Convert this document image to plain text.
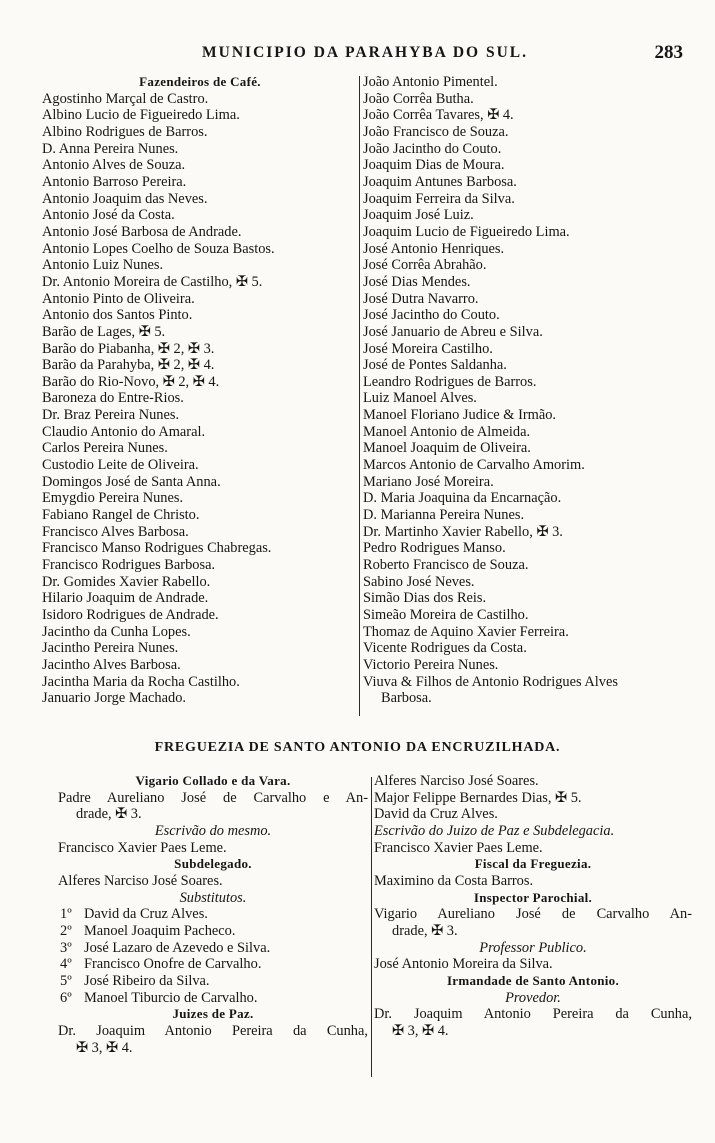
MUNICIPIO DA PARAHYBA DO SUL.	283
Fazendeiros de Café.
Agostinho Marçal de Castro.
Albino Lucio de Figueiredo Lima.
Albino Rodrigues de Barros.
D. Anna Pereira Nunes.
Antonio Alves de Souza.
Antonio Barroso Pereira.
Antonio Joaquim das Neves.
Antonio José da Costa.
Antonio José Barbosa de Andrade.
Antonio Lopes Coelho de Souza Bastos.
Antonio Luiz Nunes.
Dr. Antonio Moreira de Castilho, ✠ 5.
Antonio Pinto de Oliveira.
Antonio dos Santos Pinto.
Barão de Lages, ✠ 5.
Barão do Piabanha, ✠ 2, ✠ 3.
Barão da Parahyba, ✠ 2, ✠ 4.
Barão do Rio-Novo, ✠ 2, ✠ 4.
Baroneza do Entre-Rios.
Dr. Braz Pereira Nunes.
Claudio Antonio do Amaral.
Carlos Pereira Nunes.
Custodio Leite de Oliveira.
Domingos José de Santa Anna.
Emygdio Pereira Nunes.
Fabiano Rangel de Christo.
Francisco Alves Barbosa.
Francisco Manso Rodrigues Chabregas.
Francisco Rodrigues Barbosa.
Dr. Gomides Xavier Rabello.
Hilario Joaquim de Andrade.
Isidoro Rodrigues de Andrade.
Jacintho da Cunha Lopes.
Jacintho Pereira Nunes.
Jacintho Alves Barbosa.
Jacintha Maria da Rocha Castilho.
Januario Jorge Machado.
João Antonio Pimentel.
João Corrêa Butha.
João Corrêa Tavares, ✠ 4.
João Francisco de Souza.
João Jacintho do Couto.
Joaquim Dias de Moura.
Joaquim Antunes Barbosa.
Joaquim Ferreira da Silva.
Joaquim José Luiz.
Joaquim Lucio de Figueiredo Lima.
José Antonio Henriques.
José Corrêa Abrahão.
José Dias Mendes.
José Dutra Navarro.
José Jacintho do Couto.
José Januario de Abreu e Silva.
José Moreira Castilho.
José de Pontes Saldanha.
Leandro Rodrigues de Barros.
Luiz Manoel Alves.
Manoel Floriano Judice & Irmão.
Manoel Antonio de Almeida.
Manoel Joaquim de Oliveira.
Marcos Antonio de Carvalho Amorim.
Mariano José Moreira.
D. Maria Joaquina da Encarnação.
D. Marianna Pereira Nunes.
Dr. Martinho Xavier Rabello, ✠ 3.
Pedro Rodrigues Manso.
Roberto Francisco de Souza.
Sabino José Neves.
Simão Dias dos Reis.
Simeão Moreira de Castilho.
Thomaz de Aquino Xavier Ferreira.
Vicente Rodrigues da Costa.
Victorio Pereira Nunes.
Viuva & Filhos de Antonio Rodrigues Alves
Barbosa.
FREGUEZIA DE SANTO ANTONIO DA ENCRUZILHADA.
Vigario Collado e da Vara.
Padre Aureliano José de Carvalho e An-
drade, ✠ 3.
Escrivão do mesmo.
Francisco Xavier Paes Leme.
Subdelegado.
Alferes Narciso José Soares.
Substitutos.
1º David da Cruz Alves.
2º Manoel Joaquim Pacheco.
3º José Lazaro de Azevedo e Silva.
4º Francisco Onofre de Carvalho.
5º José Ribeiro da Silva.
6º Manoel Tiburcio de Carvalho.
Juizes de Paz.
Dr. Joaquim Antonio Pereira da Cunha,
✠ 3, ✠ 4.
Alferes Narciso José Soares.
Major Felippe Bernardes Dias, ✠ 5.
David da Cruz Alves.
Escrivão do Juizo de Paz e Subdelegacia.
Francisco Xavier Paes Leme.
Fiscal da Freguezia.
Maximino da Costa Barros.
Inspector Parochial.
Vigario Aureliano José de Carvalho An-
drade, ✠ 3.
Professor Publico.
José Antonio Moreira da Silva.
Irmandade de Santo Antonio.
Provedor.
Dr. Joaquim Antonio Pereira da Cunha,
✠ 3, ✠ 4.
